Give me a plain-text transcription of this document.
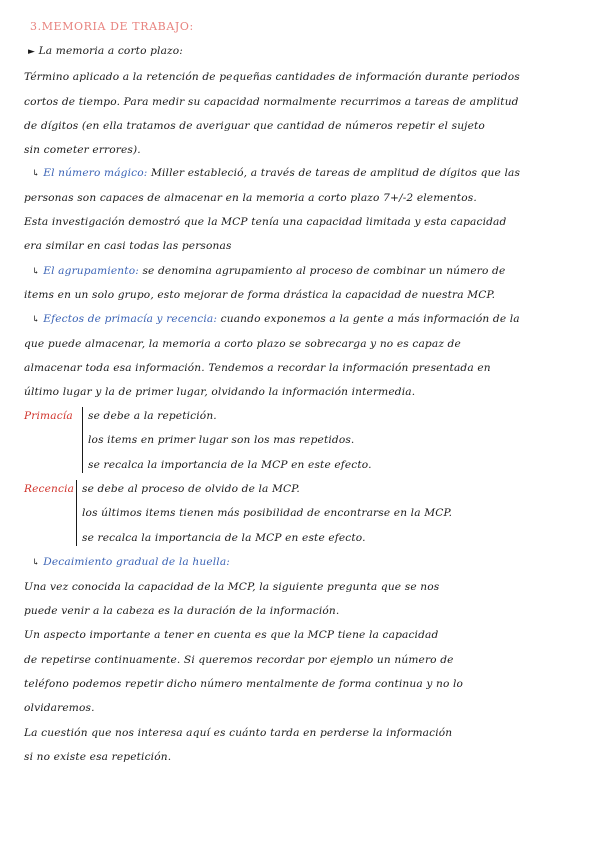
3.MEMORIA DE TRABAJO:
► La memoria a corto plazo:
Término aplicado a la retención de pequeñas cantidades de información durante periodos
cortos de tiempo. Para medir su capacidad normalmente recurrimos a tareas de amplitud
de dígitos (en ella tratamos de averiguar que cantidad de números repetir el sujeto
sin cometer errores).
↳ El número mágico: Miller estableció, a través de tareas de amplitud de dígitos que las
personas son capaces de almacenar en la memoria a corto plazo 7+/-2 elementos.
Esta investigación demostró que la MCP tenía una capacidad limitada y esta capacidad
era similar en casi todas las personas
↳ El agrupamiento: se denomina agrupamiento al proceso de combinar un número de
items en un solo grupo, esto mejorar de forma drástica la capacidad de nuestra MCP.
↳ Efectos de primacía y recencia: cuando exponemos a la gente a más información de la
que puede almacenar, la memoria a corto plazo se sobrecarga y no es capaz de
almacenar toda esa información. Tendemos a recordar la información presentada en
último lugar y la de primer lugar, olvidando la información intermedia.
Primacía se debe a la repetición.
los items en primer lugar son los mas repetidos.
se recalca la importancia de la MCP en este efecto.
Recencia se debe al proceso de olvido de la MCP.
los últimos items tienen más posibilidad de encontrarse en la MCP.
se recalca la importancia de la MCP en este efecto.
↳ Decaimiento gradual de la huella:
Una vez conocida la capacidad de la MCP, la siguiente pregunta que se nos
puede venir a la cabeza es la duración de la información.
Un aspecto importante a tener en cuenta es que la MCP tiene la capacidad
de repetirse continuamente. Si queremos recordar por ejemplo un número de
teléfono podemos repetir dicho número mentalmente de forma continua y no lo
olvidaremos.
La cuestión que nos interesa aquí es cuánto tarda en perderse la información
si no existe esa repetición.
